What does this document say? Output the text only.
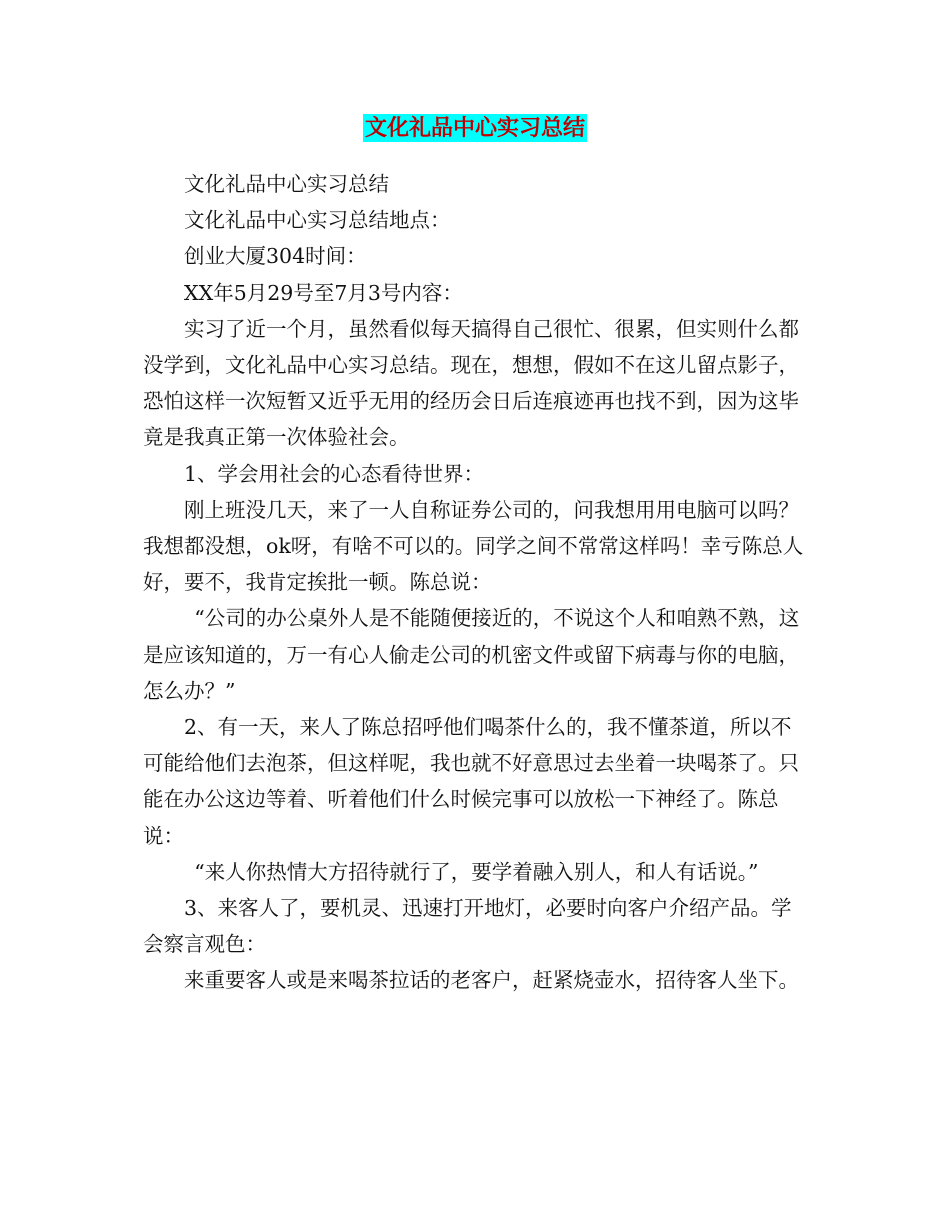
文化礼品中心实习总结

文化礼品中心实习总结

文化礼品中心实习总结地点：

创业大厦304时间：

XX年5月29号至7月3号内容：

实习了近一个月，虽然看似每天搞得自己很忙、很累，但实则什么都没学到，文化礼品中心实习总结。现在，想想，假如不在这儿留点影子，恐怕这样一次短暂又近乎无用的经历会日后连痕迹再也找不到，因为这毕竟是我真正第一次体验社会。

1、学会用社会的心态看待世界：

刚上班没几天，来了一人自称证券公司的，问我想用用电脑可以吗？我想都没想，ok呀，有啥不可以的。同学之间不常常这样吗！幸亏陈总人好，要不，我肯定挨批一顿。陈总说：

“公司的办公桌外人是不能随便接近的，不说这个人和咱熟不熟，这是应该知道的，万一有心人偷走公司的机密文件或留下病毒与你的电脑，怎么办？”

2、有一天，来人了陈总招呼他们喝茶什么的，我不懂茶道，所以不可能给他们去泡茶，但这样呢，我也就不好意思过去坐着一块喝茶了。只能在办公这边等着、听着他们什么时候完事可以放松一下神经了。陈总说：

“来人你热情大方招待就行了，要学着融入别人，和人有话说。”

3、来客人了，要机灵、迅速打开地灯，必要时向客户介绍产品。学会察言观色：

来重要客人或是来喝茶拉话的老客户，赶紧烧壶水，招待客人坐下。
